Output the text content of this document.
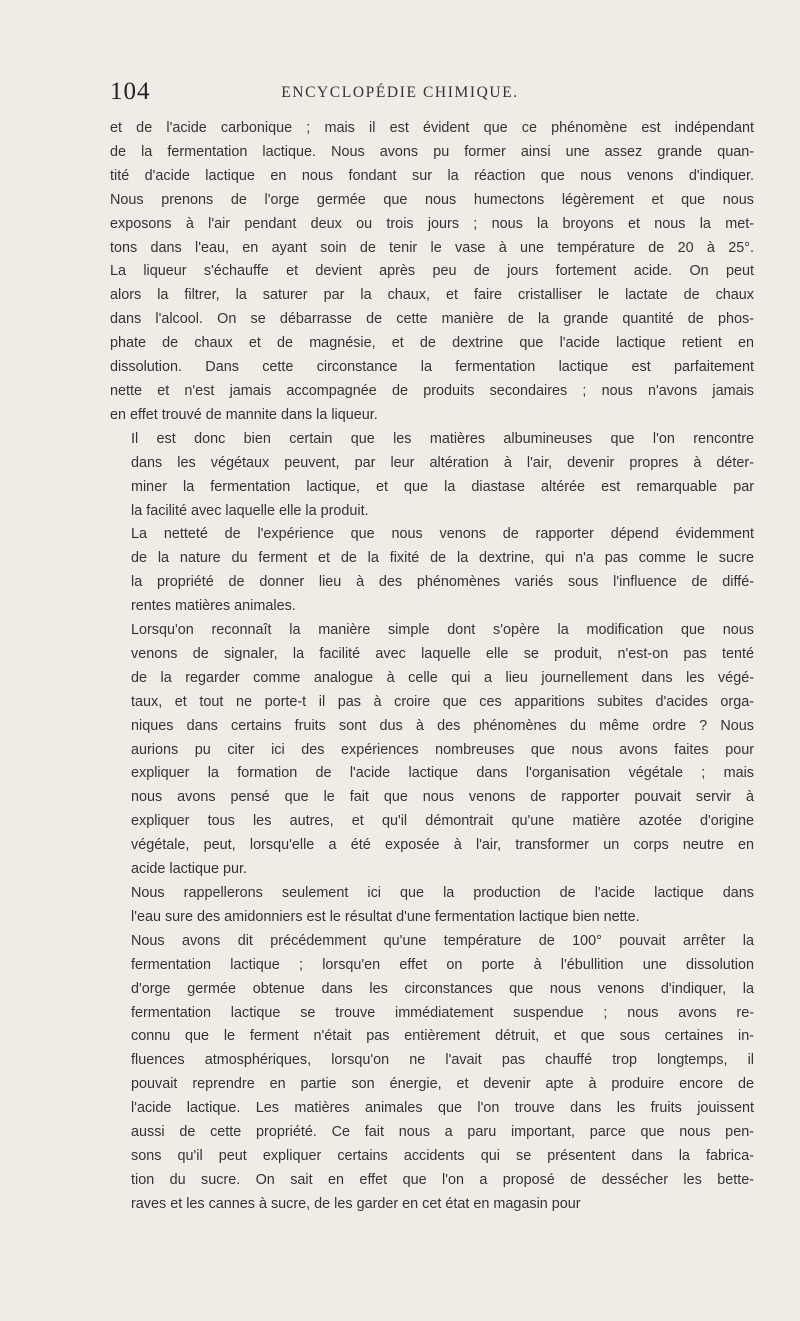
104	ENCYCLOPÉDIE CHIMIQUE.

et de l'acide carbonique ; mais il est évident que ce phénomène est indépendant
de la fermentation lactique. Nous avons pu former ainsi une assez grande quan-
tité d'acide lactique en nous fondant sur la réaction que nous venons d'indiquer.
Nous prenons de l'orge germée que nous humectons légèrement et que nous
exposons à l'air pendant deux ou trois jours ; nous la broyons et nous la met-
tons dans l'eau, en ayant soin de tenir le vase à une température de 20 à 25°.
La liqueur s'échauffe et devient après peu de jours fortement acide. On peut
alors la filtrer, la saturer par la chaux, et faire cristalliser le lactate de chaux
dans l'alcool. On se débarrasse de cette manière de la grande quantité de phos-
phate de chaux et de magnésie, et de dextrine que l'acide lactique retient en
dissolution. Dans cette circonstance la fermentation lactique est parfaitement
nette et n'est jamais accompagnée de produits secondaires ; nous n'avons jamais
en effet trouvé de mannite dans la liqueur.

Il est donc bien certain que les matières albumineuses que l'on rencontre
dans les végétaux peuvent, par leur altération à l'air, devenir propres à déter-
miner la fermentation lactique, et que la diastase altérée est remarquable par
la facilité avec laquelle elle la produit.

La netteté de l'expérience que nous venons de rapporter dépend évidemment
de la nature du ferment et de la fixité de la dextrine, qui n'a pas comme le sucre
la propriété de donner lieu à des phénomènes variés sous l'influence de diffé-
rentes matières animales.

Lorsqu'on reconnaît la manière simple dont s'opère la modification que nous
venons de signaler, la facilité avec laquelle elle se produit, n'est-on pas tenté
de la regarder comme analogue à celle qui a lieu journellement dans les végé-
taux, et tout ne porte-t il pas à croire que ces apparitions subites d'acides orga-
niques dans certains fruits sont dus à des phénomènes du même ordre ? Nous
aurions pu citer ici des expériences nombreuses que nous avons faites pour
expliquer la formation de l'acide lactique dans l'organisation végétale ; mais
nous avons pensé que le fait que nous venons de rapporter pouvait servir à
expliquer tous les autres, et qu'il démontrait qu'une matière azotée d'origine
végétale, peut, lorsqu'elle a été exposée à l'air, transformer un corps neutre en
acide lactique pur.

Nous rappellerons seulement ici que la production de l'acide lactique dans
l'eau sure des amidonniers est le résultat d'une fermentation lactique bien nette.

Nous avons dit précédemment qu'une température de 100° pouvait arrêter la
fermentation lactique ; lorsqu'en effet on porte à l'ébullition une dissolution
d'orge germée obtenue dans les circonstances que nous venons d'indiquer, la
fermentation lactique se trouve immédiatement suspendue ; nous avons re-
connu que le ferment n'était pas entièrement détruit, et que sous certaines in-
fluences atmosphériques, lorsqu'on ne l'avait pas chauffé trop longtemps, il
pouvait reprendre en partie son énergie, et devenir apte à produire encore de
l'acide lactique. Les matières animales que l'on trouve dans les fruits jouissent
aussi de cette propriété. Ce fait nous a paru important, parce que nous pen-
sons qu'il peut expliquer certains accidents qui se présentent dans la fabrica-
tion du sucre. On sait en effet que l'on a proposé de dessécher les bette-
raves et les cannes à sucre, de les garder en cet état en magasin pour
